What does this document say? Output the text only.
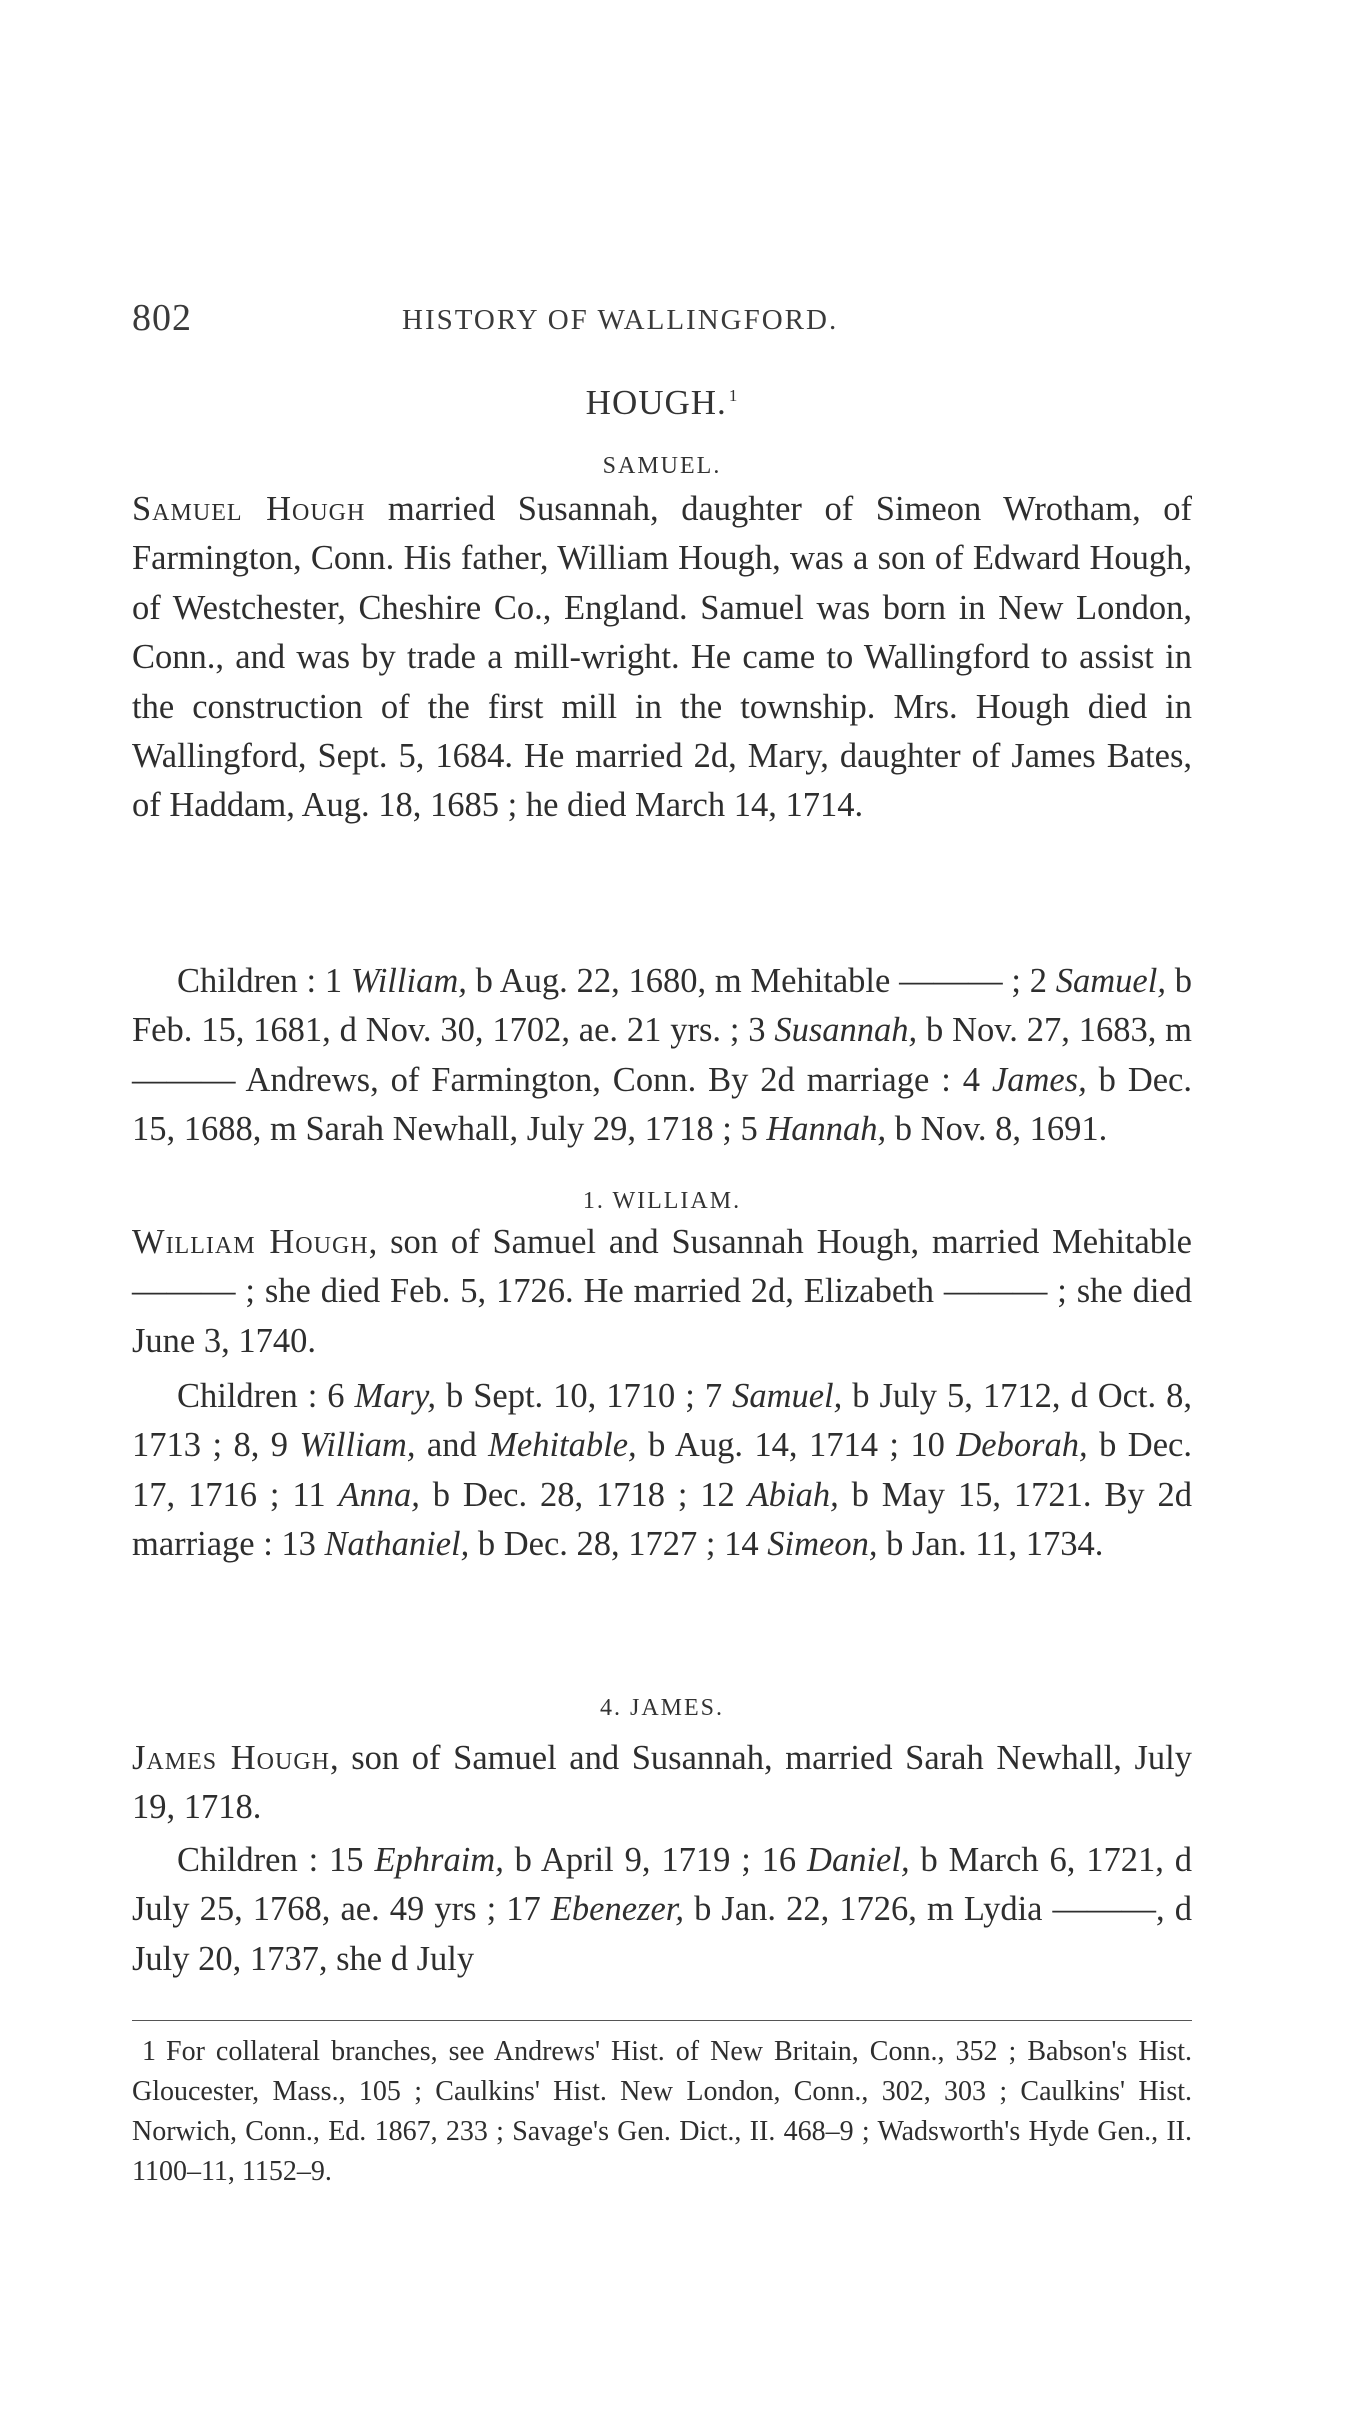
802	HISTORY OF WALLINGFORD.
HOUGH. $^1$
SAMUEL.

Samuel Hough married Susannah, daughter of Simeon Wrotham, of Farmington, Conn. His father, William Hough, was a son of Edward Hough, of Westchester, Cheshire Co., England. Samuel was born in New London, Conn., and was by trade a mill-wright. He came to Wallingford to assist in the construction of the first mill in the township. Mrs. Hough died in Wallingford, Sept. 5, 1684. He married 2d, Mary, daughter of James Bates, of Haddam, Aug. 18, 1685 ; he died March 14, 1714.

Children : 1 William, b Aug. 22, 1680, m Mehitable ——— ; 2 Samuel, b Feb. 15, 1681, d Nov. 30, 1702, ae. 21 yrs. ; 3 Susannah, b Nov. 27, 1683, m ——— Andrews, of Farmington, Conn. By 2d marriage : 4 James, b Dec. 15, 1688, m Sarah Newhall, July 29, 1718 ; 5 Hannah, b Nov. 8, 1691.

1. WILLIAM.

William Hough, son of Samuel and Susannah Hough, married Mehitable ——— ; she died Feb. 5, 1726. He married 2d, Elizabeth ——— ; she died June 3, 1740.

Children : 6 Mary, b Sept. 10, 1710 ; 7 Samuel, b July 5, 1712, d Oct. 8, 1713 ; 8, 9 William, and Mehitable, b Aug. 14, 1714 ; 10 Deborah, b Dec. 17, 1716 ; 11 Anna, b Dec. 28, 1718 ; 12 Abiah, b May 15, 1721. By 2d marriage : 13 Nathaniel, b Dec. 28, 1727 ; 14 Simeon, b Jan. 11, 1734.

4. JAMES.

James Hough, son of Samuel and Susannah, married Sarah Newhall, July 19, 1718.

Children : 15 Ephraim, b April 9, 1719 ; 16 Daniel, b March 6, 1721, d July 25, 1768, ae. 49 yrs ; 17 Ebenezer, b Jan. 22, 1726, m Lydia ———, d July 20, 1737, she d July

1 For collateral branches, see Andrews' Hist. of New Britain, Conn., 352 ; Babson's Hist. Gloucester, Mass., 105 ; Caulkins' Hist. New London, Conn., 302, 303 ; Caulkins' Hist. Norwich, Conn., Ed. 1867, 233 ; Savage's Gen. Dict., II. 468–9 ; Wadsworth's Hyde Gen., II. 1100–11, 1152–9.
